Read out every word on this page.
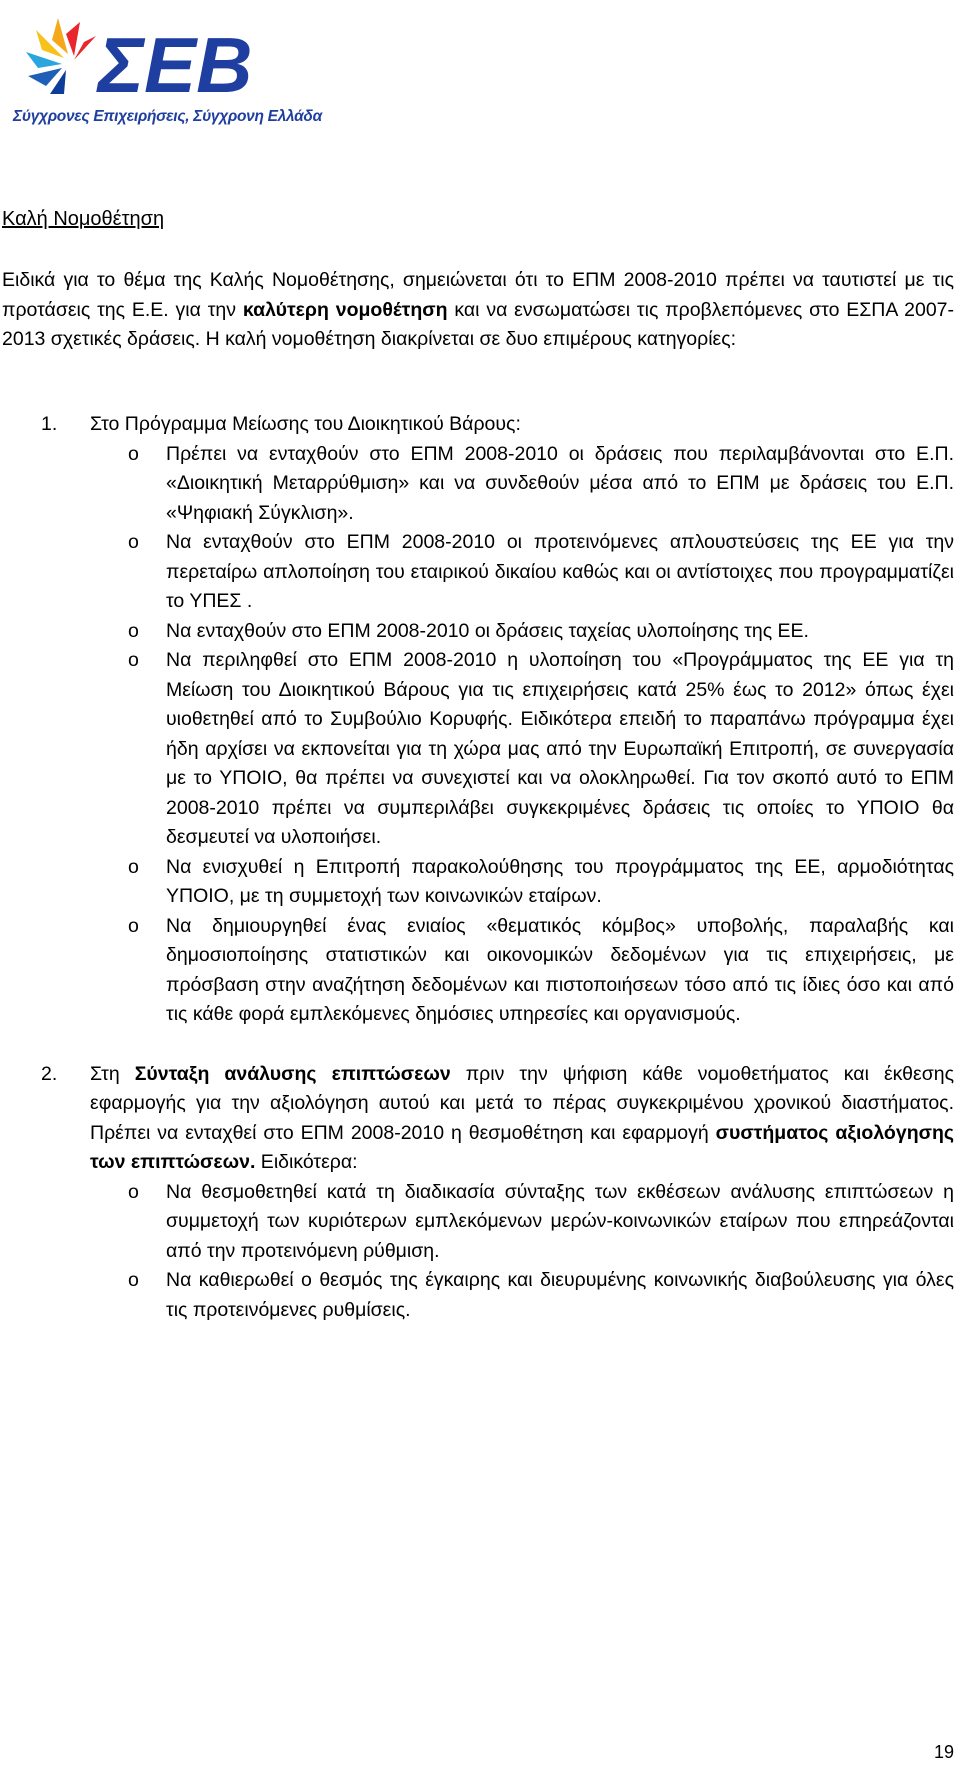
ΣΕΒ
Σύγχρονες Επιχειρήσεις, Σύγχρονη Ελλάδα
Καλή Νομοθέτηση

Ειδικά για το θέμα της Καλής Νομοθέτησης, σημειώνεται ότι το ΕΠΜ 2008-2010 πρέπει να ταυτιστεί με τις προτάσεις της Ε.Ε. για την καλύτερη νομοθέτηση και να ενσωματώσει τις προβλεπόμενες στο ΕΣΠΑ 2007-2013 σχετικές δράσεις. Η καλή νομοθέτηση διακρίνεται σε δυο επιμέρους κατηγορίες:

1. Στο Πρόγραμμα Μείωσης του Διοικητικού Βάρους:
o Πρέπει να ενταχθούν στο ΕΠΜ 2008-2010 οι δράσεις που περιλαμβάνονται στο Ε.Π. «Διοικητική Μεταρρύθμιση» και να συνδεθούν μέσα από το ΕΠΜ με δράσεις του Ε.Π. «Ψηφιακή Σύγκλιση».

o Να ενταχθούν στο ΕΠΜ 2008-2010 οι προτεινόμενες απλουστεύσεις της ΕΕ για την περεταίρω απλοποίηση του εταιρικού δικαίου καθώς και οι αντίστοιχες που προγραμματίζει το ΥΠΕΣ .

o Να ενταχθούν στο ΕΠΜ 2008-2010 οι δράσεις ταχείας υλοποίησης της ΕΕ.

o Να περιληφθεί στο ΕΠΜ 2008-2010 η υλοποίηση του «Προγράμματος της ΕΕ για τη Μείωση του Διοικητικού Βάρους για τις επιχειρήσεις κατά 25% έως το 2012» όπως έχει υιοθετηθεί από το Συμβούλιο Κορυφής. Ειδικότερα επειδή το παραπάνω πρόγραμμα έχει ήδη αρχίσει να εκπονείται για τη χώρα μας από την Ευρωπαϊκή Επιτροπή, σε συνεργασία με το ΥΠΟΙΟ, θα πρέπει να συνεχιστεί και να ολοκληρωθεί. Για τον σκοπό αυτό το ΕΠΜ 2008-2010 πρέπει να συμπεριλάβει συγκεκριμένες δράσεις τις οποίες το ΥΠΟΙΟ θα δεσμευτεί να υλοποιήσει.

o Να ενισχυθεί η Επιτροπή παρακολούθησης του προγράμματος της ΕΕ, αρμοδιότητας ΥΠΟΙΟ, με τη συμμετοχή των κοινωνικών εταίρων.

o Να δημιουργηθεί ένας ενιαίος «θεματικός κόμβος» υποβολής, παραλαβής και δημοσιοποίησης στατιστικών και οικονομικών δεδομένων για τις επιχειρήσεις, με πρόσβαση στην αναζήτηση δεδομένων και πιστοποιήσεων τόσο από τις ίδιες όσο και από τις κάθε φορά εμπλεκόμενες δημόσιες υπηρεσίες και οργανισμούς.

2. Στη Σύνταξη ανάλυσης επιπτώσεων πριν την ψήφιση κάθε νομοθετήματος και έκθεσης εφαρμογής για την αξιολόγηση αυτού και μετά το πέρας συγκεκριμένου χρονικού διαστήματος. Πρέπει να ενταχθεί στο ΕΠΜ 2008-2010 η θεσμοθέτηση και εφαρμογή συστήματος αξιολόγησης των επιπτώσεων. Ειδικότερα:
o Να θεσμοθετηθεί κατά τη διαδικασία σύνταξης των εκθέσεων ανάλυσης επιπτώσεων η συμμετοχή των κυριότερων εμπλεκόμενων μερών-κοινωνικών εταίρων που επηρεάζονται από την προτεινόμενη ρύθμιση.

o Να καθιερωθεί ο θεσμός της έγκαιρης και διευρυμένης κοινωνικής διαβούλευσης για όλες τις προτεινόμενες ρυθμίσεις.

19
